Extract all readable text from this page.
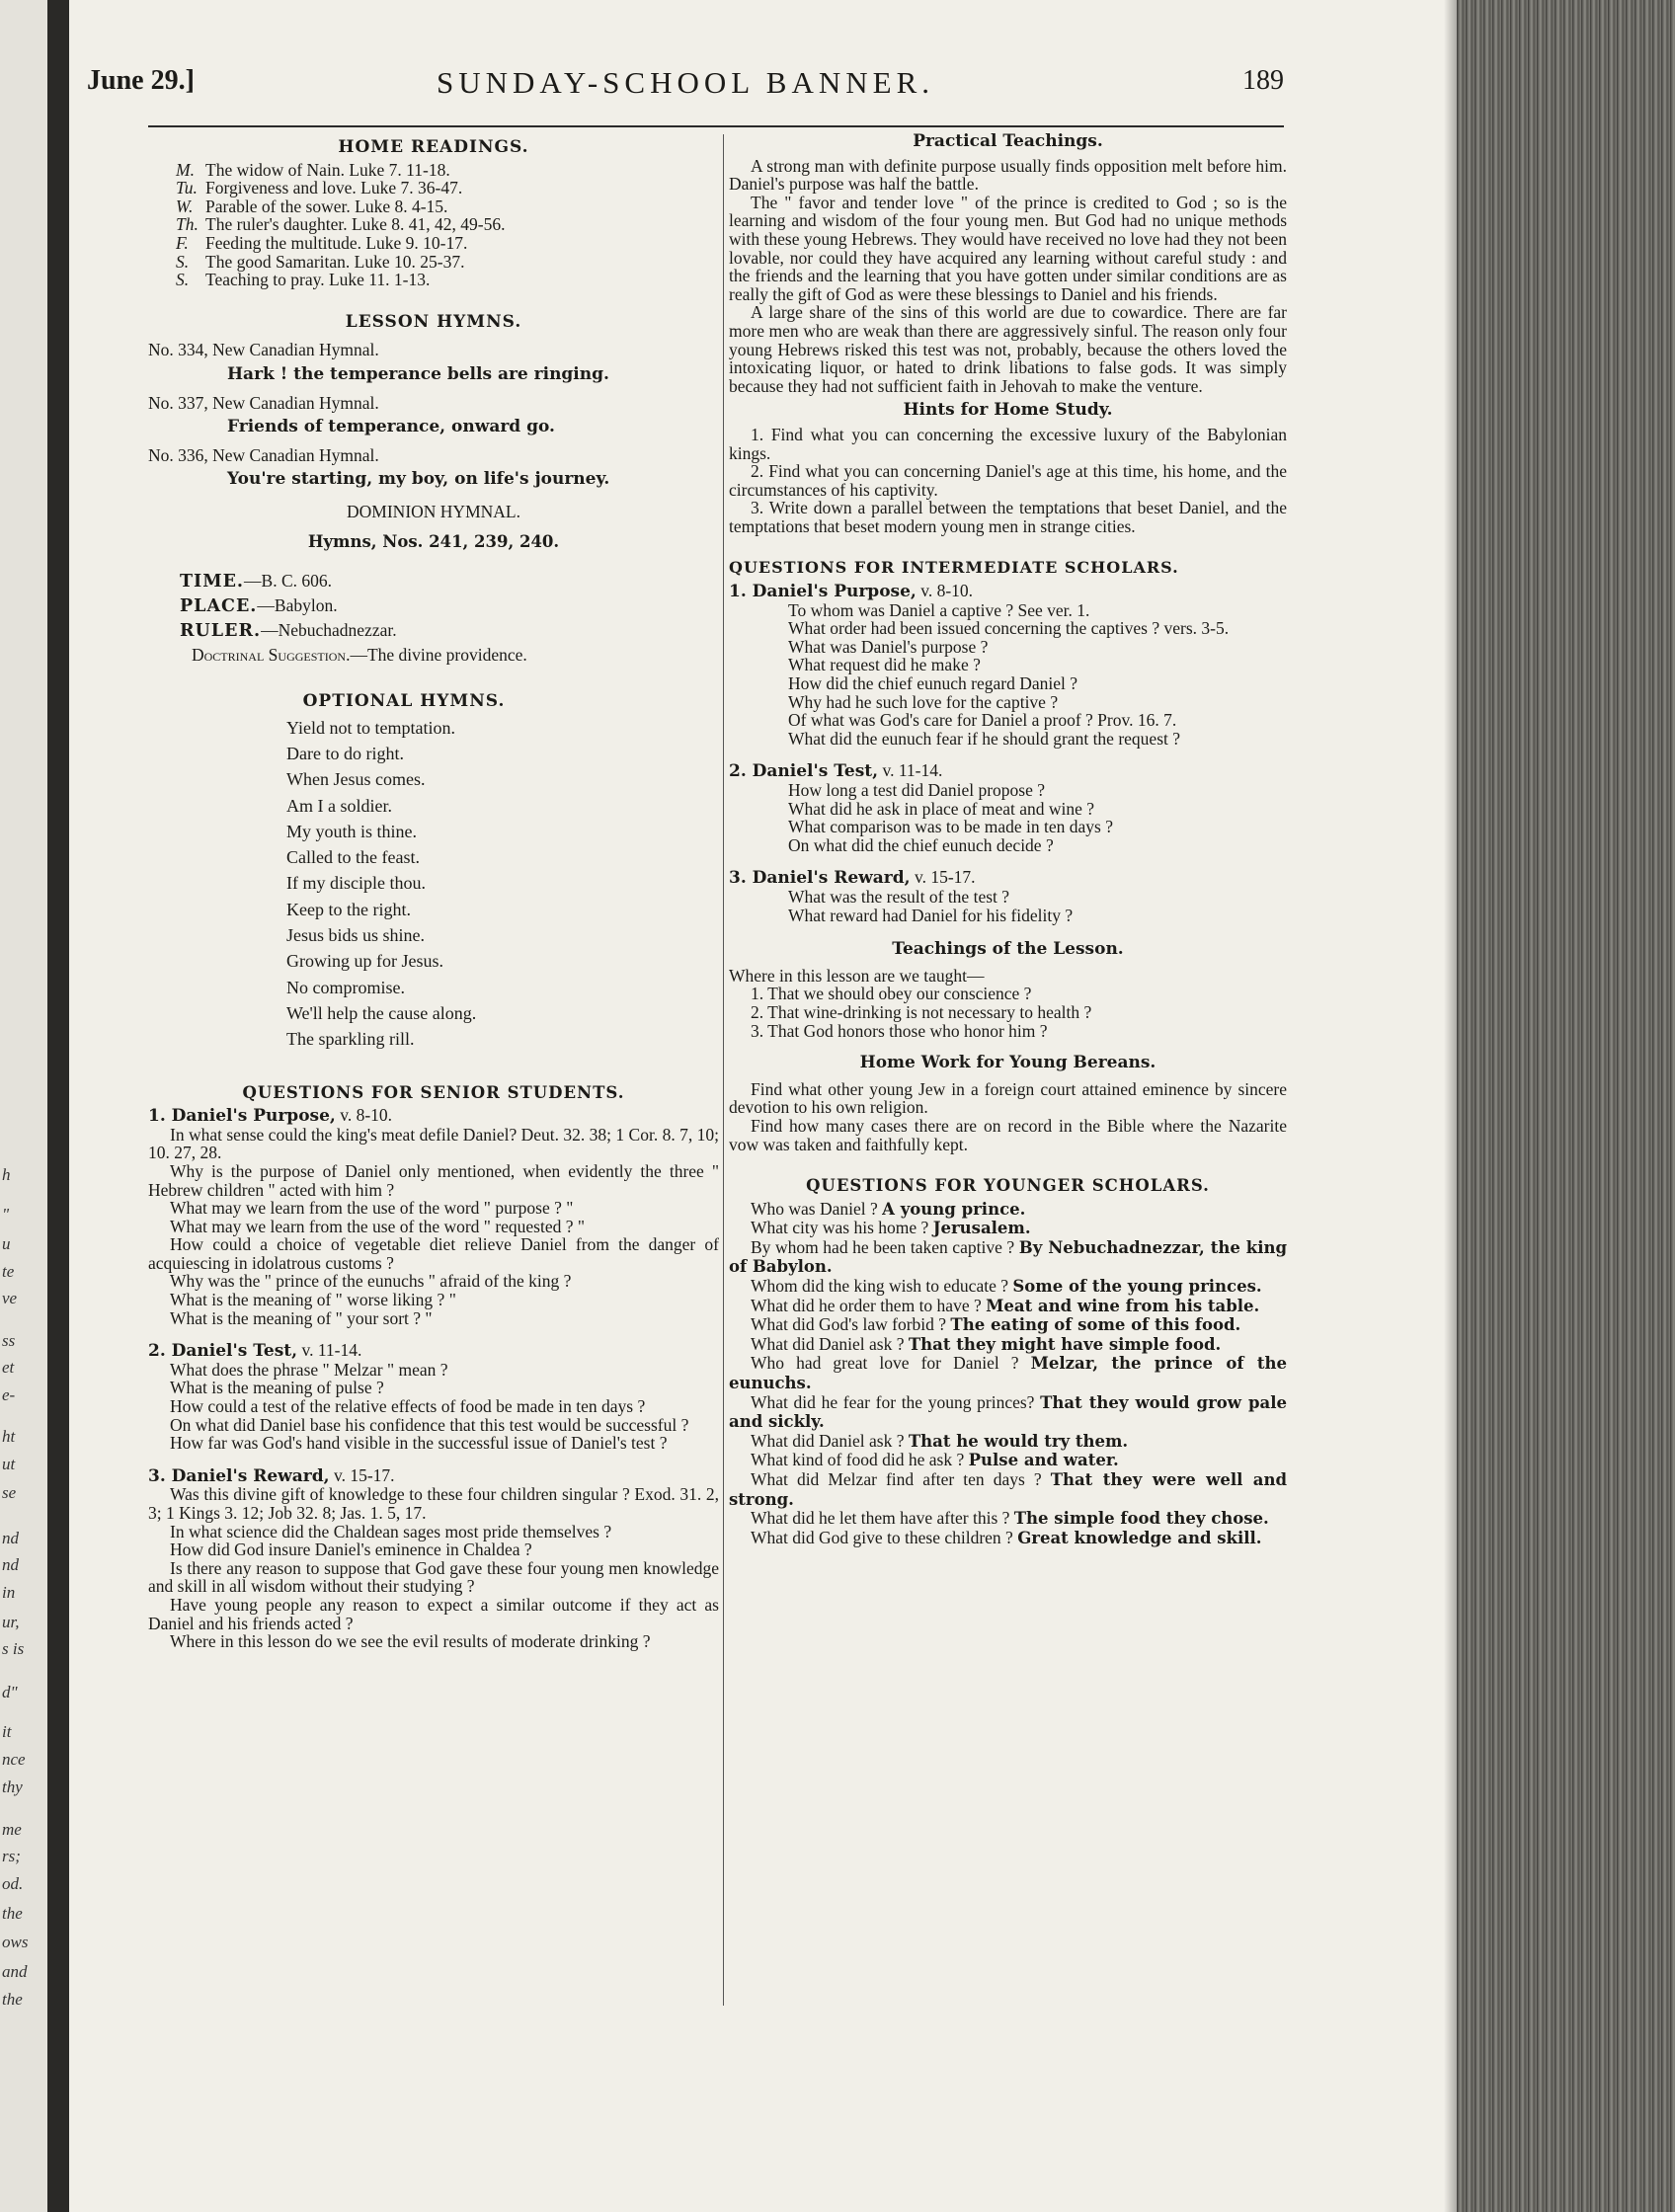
h
"
u
te
ve
ss
et
e-
ht
ut
se
nd
nd
in
ur,
s is
d"
it
nce
thy
me
rs;
od.
the
ows
and
the
June 29.]	SUNDAY-SCHOOL BANNER.	189
HOME READINGS.
M. The widow of Nain. Luke 7. 11-18.
Tu. Forgiveness and love. Luke 7. 36-47.
W. Parable of the sower. Luke 8. 4-15.
Th. The ruler's daughter. Luke 8. 41, 42, 49-56.
F. Feeding the multitude. Luke 9. 10-17.
S. The good Samaritan. Luke 10. 25-37.
S. Teaching to pray. Luke 11. 1-13.
LESSON HYMNS.
No. 334, New Canadian Hymnal.
Hark ! the temperance bells are ringing.
No. 337, New Canadian Hymnal.
Friends of temperance, onward go.
No. 336, New Canadian Hymnal.
You're starting, my boy, on life's journey.
DOMINION HYMNAL.
Hymns, Nos. 241, 239, 240.
TIME.—B. C. 606.
PLACE.—Babylon.
RULER.—Nebuchadnezzar.
Doctrinal Suggestion.—The divine providence.
OPTIONAL HYMNS.
Yield not to temptation.
Dare to do right.
When Jesus comes.
Am I a soldier.
My youth is thine.
Called to the feast.
If my disciple thou.
Keep to the right.
Jesus bids us shine.
Growing up for Jesus.
No compromise.
We'll help the cause along.
The sparkling rill.
QUESTIONS FOR SENIOR STUDENTS.
1. Daniel's Purpose, v. 8-10.
In what sense could the king's meat defile Daniel? Deut. 32. 38; 1 Cor. 8. 7, 10; 10. 27, 28.
Why is the purpose of Daniel only mentioned, when evidently the three " Hebrew children " acted with him ?
What may we learn from the use of the word " purpose ? "
What may we learn from the use of the word " requested ? "
How could a choice of vegetable diet relieve Daniel from the danger of acquiescing in idolatrous customs ?
Why was the " prince of the eunuchs " afraid of the king ?
What is the meaning of " worse liking ? "
What is the meaning of " your sort ? "
2. Daniel's Test, v. 11-14.
What does the phrase " Melzar " mean ?
What is the meaning of pulse ?
How could a test of the relative effects of food be made in ten days ?
On what did Daniel base his confidence that this test would be successful ?
How far was God's hand visible in the successful issue of Daniel's test ?
3. Daniel's Reward, v. 15-17.
Was this divine gift of knowledge to these four children singular ? Exod. 31. 2, 3; 1 Kings 3. 12; Job 32. 8; Jas. 1. 5, 17.
In what science did the Chaldean sages most pride themselves ?
How did God insure Daniel's eminence in Chaldea ?
Is there any reason to suppose that God gave these four young men knowledge and skill in all wisdom without their studying ?
Have young people any reason to expect a similar outcome if they act as Daniel and his friends acted ?
Where in this lesson do we see the evil results of moderate drinking ?
Practical Teachings.

A strong man with definite purpose usually finds opposition melt before him. Daniel's purpose was half the battle.

The " favor and tender love " of the prince is credited to God ; so is the learning and wisdom of the four young men. But God had no unique methods with these young Hebrews. They would have received no love had they not been lovable, nor could they have acquired any learning without careful study : and the friends and the learning that you have gotten under similar conditions are as really the gift of God as were these blessings to Daniel and his friends.

A large share of the sins of this world are due to cowardice. There are far more men who are weak than there are aggressively sinful. The reason only four young Hebrews risked this test was not, probably, because the others loved the intoxicating liquor, or hated to drink libations to false gods. It was simply because they had not sufficient faith in Jehovah to make the venture.

Hints for Home Study.

1. Find what you can concerning the excessive luxury of the Babylonian kings.

2. Find what you can concerning Daniel's age at this time, his home, and the circumstances of his captivity.

3. Write down a parallel between the temptations that beset Daniel, and the temptations that beset modern young men in strange cities.

QUESTIONS FOR INTERMEDIATE SCHOLARS.
1. Daniel's Purpose, v. 8-10.
To whom was Daniel a captive ? See ver. 1.
What order had been issued concerning the captives ? vers. 3-5.
What was Daniel's purpose ?
What request did he make ?
How did the chief eunuch regard Daniel ?
Why had he such love for the captive ?
Of what was God's care for Daniel a proof ? Prov. 16. 7.
What did the eunuch fear if he should grant the request ?
2. Daniel's Test, v. 11-14.
How long a test did Daniel propose ?
What did he ask in place of meat and wine ?
What comparison was to be made in ten days ?
On what did the chief eunuch decide ?
3. Daniel's Reward, v. 15-17.
What was the result of the test ?
What reward had Daniel for his fidelity ?
Teachings of the Lesson.
Where in this lesson are we taught—
1. That we should obey our conscience ?
2. That wine-drinking is not necessary to health ?
3. That God honors those who honor him ?
Home Work for Young Bereans.

Find what other young Jew in a foreign court attained eminence by sincere devotion to his own religion.

Find how many cases there are on record in the Bible where the Nazarite vow was taken and faithfully kept.

QUESTIONS FOR YOUNGER SCHOLARS.

Who was Daniel ? A young prince.

What city was his home ? Jerusalem.

By whom had he been taken captive ? By Nebuchadnezzar, the king of Babylon.

Whom did the king wish to educate ? Some of the young princes.

What did he order them to have ? Meat and wine from his table.

What did God's law forbid ? The eating of some of this food.

What did Daniel ask ? That they might have simple food.

Who had great love for Daniel ? Melzar, the prince of the eunuchs.

What did he fear for the young princes? That they would grow pale and sickly.

What did Daniel ask ? That he would try them.

What kind of food did he ask ? Pulse and water.

What did Melzar find after ten days ? That they were well and strong.

What did he let them have after this ? The simple food they chose.

What did God give to these children ? Great knowledge and skill.
